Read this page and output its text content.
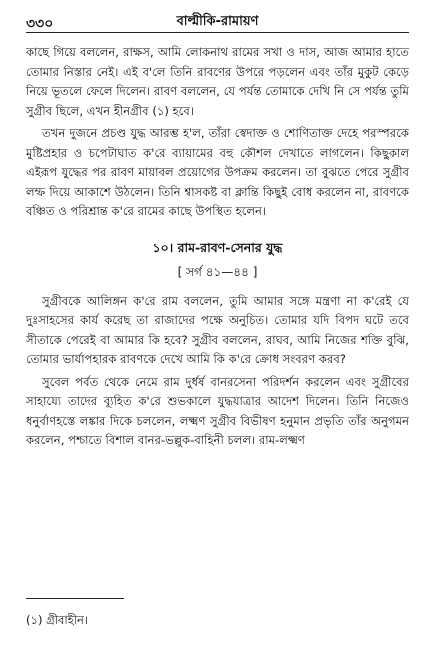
৩৩০	বাল্মীকি-রামায়ণ

কাছে গিয়ে বললেন, রাক্ষস, আমি লোকনাথ রামের সখা ও দাস, আজ আমার হাতে তোমার নিস্তার নেই। এই ব'লে তিনি রাবণের উপরে পড়লেন এবং তাঁর মুকুট কেড়ে নিয়ে ভূতলে ফেলে দিলেন। রাবণ বললেন, যে পর্যন্ত তোমাকে দেখি নি সে পর্যন্ত তুমি সুগ্রীব ছিলে, এখন হীনগ্রীব (১) হবে।

তখন দুজনে প্রচণ্ড যুদ্ধ আরম্ভ হ'ল, তাঁরা স্বেদাক্ত ও শোণিতাক্ত দেহে পরস্পরকে মুষ্টিপ্রহার ও চপেটাঘাত ক'রে ব্যায়ামের বহু কৌশল দেখাতে লাগলেন। কিছুকাল এইরূপ যুদ্ধের পর রাবণ মায়াবল প্রয়োগের উপক্রম করলেন। তা বুঝতে পেরে সুগ্রীব লম্ফ দিয়ে আকাশে উঠলেন। তিনি শ্বাসকষ্ট বা ক্লান্তি কিছুই বোধ করলেন না, রাবণকে বঞ্চিত ও পরিশ্রান্ত ক'রে রামের কাছে উপস্থিত হলেন।

১০। রাম-রাবণ-সেনার যুদ্ধ
[ সর্গ ৪১—৪৪ ]

সুগ্রীবকে আলিঙ্গন ক'রে রাম বললেন, তুমি আমার সঙ্গে মন্ত্রণা না ক'রেই যে দুঃসাহসের কার্য করেছ তা রাজাদের পক্ষে অনুচিত। তোমার যদি বিপদ ঘটে তবে সীতাকে পেরেই বা আমার কি হবে? সুগ্রীব বললেন, রাঘব, আমি নিজের শক্তি বুঝি, তোমার ভার্যাপহারক রাবণকে দেখে আমি কি ক'রে ক্রোধ সংবরণ করব?

সুবেল পর্বত থেকে নেমে রাম দুর্ধর্ষ বানরসেনা পরিদর্শন করলেন এবং সুগ্রীবের সাহায্যে তাদের ব্যূহিত ক'রে শুভকালে যুদ্ধযাত্রার আদেশ দিলেন। তিনি নিজেও ধনুর্বাণহস্তে লঙ্কার দিকে চললেন, লক্ষ্মণ সুগ্রীব বিভীষণ হনুমান প্রভৃতি তাঁর অনুগমন করলেন, পশ্চাতে বিশাল বানর-ভল্লুক-বাহিনী চলল। রাম-লক্ষ্মণ

(১) গ্রীবাহীন।
